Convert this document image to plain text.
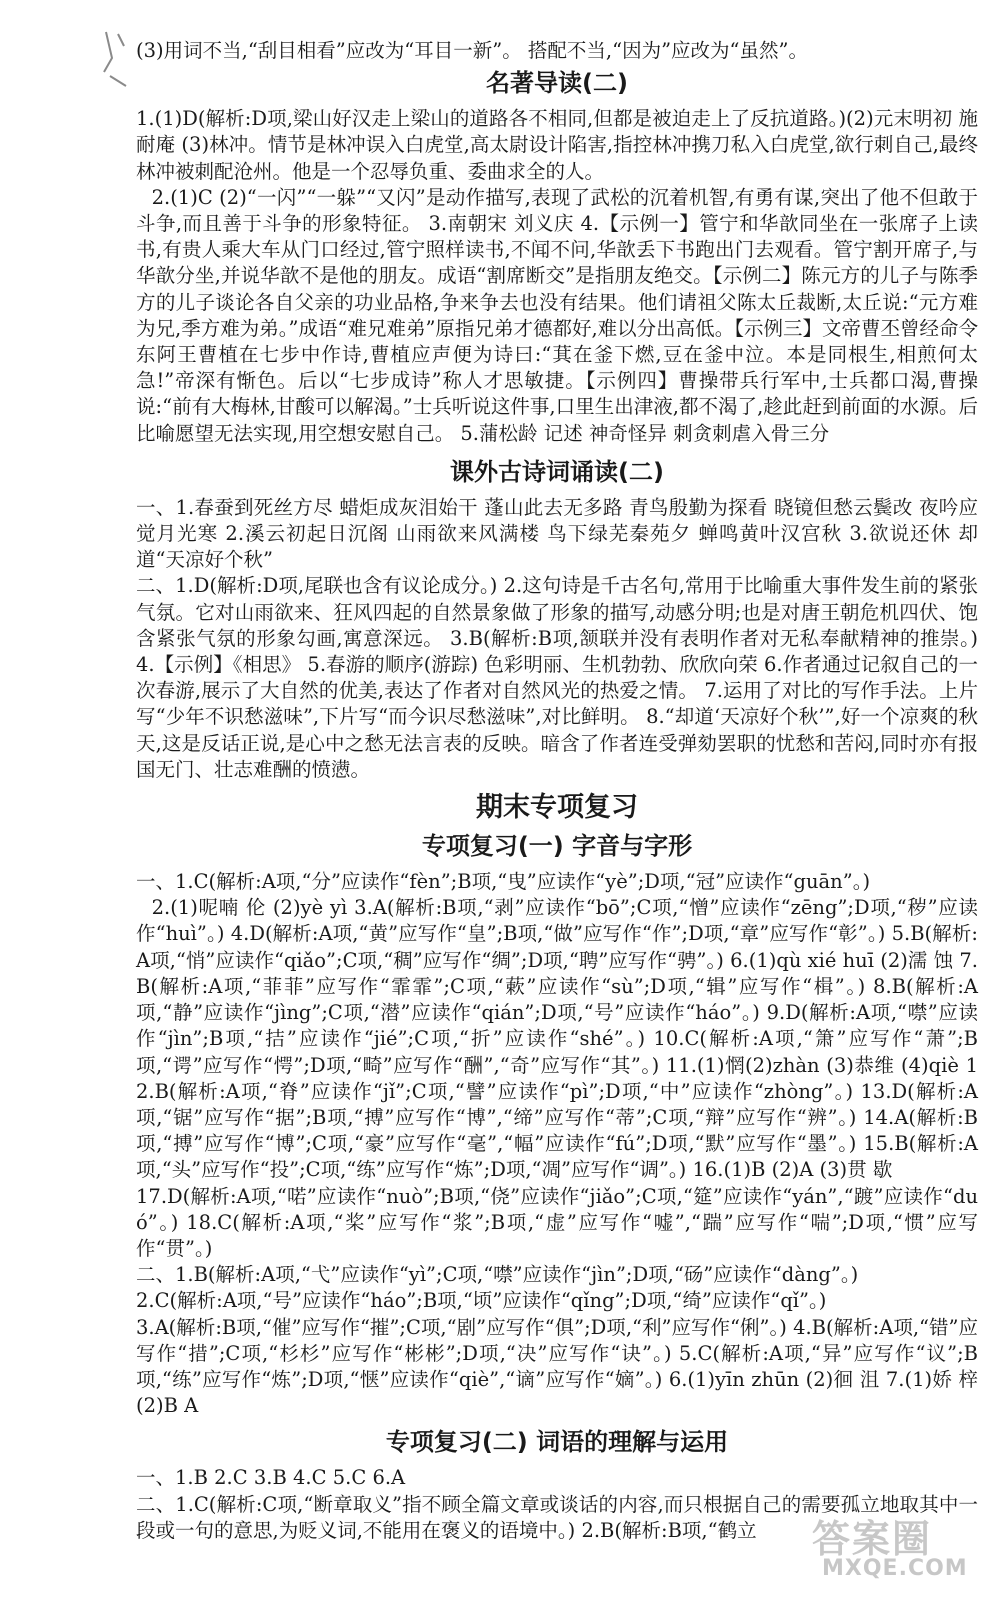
(3)用词不当,“刮目相看”应改为“耳目一新”。 搭配不当,“因为”应改为“虽然”。

名著导读(二)

1.(1)D(解析:D项,梁山好汉走上梁山的道路各不相同,但都是被迫走上了反抗道路。)(2)元末明初 施耐庵 (3)林冲。情节是林冲误入白虎堂,高太尉设计陷害,指控林冲携刀私入白虎堂,欲行刺自己,最终林冲被刺配沧州。他是一个忍辱负重、委曲求全的人。

2.(1)C (2)“一闪”“一躲”“又闪”是动作描写,表现了武松的沉着机智,有勇有谋,突出了他不但敢于斗争,而且善于斗争的形象特征。 3.南朝宋 刘义庆 4.【示例一】管宁和华歆同坐在一张席子上读书,有贵人乘大车从门口经过,管宁照样读书,不闻不问,华歆丢下书跑出门去观看。管宁割开席子,与华歆分坐,并说华歆不是他的朋友。成语“割席断交”是指朋友绝交。【示例二】陈元方的儿子与陈季方的儿子谈论各自父亲的功业品格,争来争去也没有结果。他们请祖父陈太丘裁断,太丘说:“元方难为兄,季方难为弟。”成语“难兄难弟”原指兄弟才德都好,难以分出高低。【示例三】文帝曹丕曾经命令东阿王曹植在七步中作诗,曹植应声便为诗曰:“萁在釜下燃,豆在釜中泣。本是同根生,相煎何太急!”帝深有惭色。后以“七步成诗”称人才思敏捷。【示例四】曹操带兵行军中,士兵都口渴,曹操说:“前有大梅林,甘酸可以解渴。”士兵听说这件事,口里生出津液,都不渴了,趁此赶到前面的水源。后比喻愿望无法实现,用空想安慰自己。 5.蒲松龄 记述 神奇怪异 刺贪刺虐入骨三分

课外古诗词诵读(二)

一、1.春蚕到死丝方尽 蜡炬成灰泪始干 蓬山此去无多路 青鸟殷勤为探看 晓镜但愁云鬓改 夜吟应觉月光寒 2.溪云初起日沉阁 山雨欲来风满楼 鸟下绿芜秦苑夕 蝉鸣黄叶汉宫秋 3.欲说还休 却道“天凉好个秋”

二、1.D(解析:D项,尾联也含有议论成分。) 2.这句诗是千古名句,常用于比喻重大事件发生前的紧张气氛。它对山雨欲来、狂风四起的自然景象做了形象的描写,动感分明;也是对唐王朝危机四伏、饱含紧张气氛的形象勾画,寓意深远。 3.B(解析:B项,颔联并没有表明作者对无私奉献精神的推崇。) 4.【示例】《相思》 5.春游的顺序(游踪) 色彩明丽、生机勃勃、欣欣向荣 6.作者通过记叙自己的一次春游,展示了大自然的优美,表达了作者对自然风光的热爱之情。 7.运用了对比的写作手法。上片写“少年不识愁滋味”,下片写“而今识尽愁滋味”,对比鲜明。 8.“却道‘天凉好个秋’”,好一个凉爽的秋天,这是反话正说,是心中之愁无法言表的反映。暗含了作者连受弹劾罢职的忧愁和苦闷,同时亦有报国无门、壮志难酬的愤懑。

期末专项复习
专项复习(一) 字音与字形

一、1.C(解析:A项,“分”应读作“fèn”;B项,“曳”应读作“yè”;D项,“冠”应读作“guān”。)

2.(1)呢喃 伦 (2)yè yì 3.A(解析:B项,“剥”应读作“bō”;C项,“憎”应读作“zēng”;D项,“秽”应读作“huì”。) 4.D(解析:A项,“黄”应写作“皇”;B项,“做”应写作“作”;D项,“章”应写作“彰”。) 5.B(解析:A项,“悄”应读作“qiǎo”;C项,“稠”应写作“绸”;D项,“聘”应写作“骋”。) 6.(1)qù xié huī (2)濡 蚀 7.B(解析:A项,“菲菲”应写作“霏霏”;C项,“蔌”应读作“sù”;D项,“辑”应写作“楫”。) 8.B(解析:A项,“静”应读作“jìng”;C项,“潜”应读作“qián”;D项,“号”应读作“háo”。) 9.D(解析:A项,“噤”应读作“jìn”;B项,“拮”应读作“jié”;C项,“折”应读作“shé”。) 10.C(解析:A项,“箫”应写作“萧”;B项,“谔”应写作“愕”;D项,“畸”应写作“酬”,“奇”应写作“其”。) 11.(1)惘(2)zhàn (3)恭维 (4)qiè 12.B(解析:A项,“脊”应读作“jǐ”;C项,“譬”应读作“pì”;D项,“中”应读作“zhòng”。) 13.D(解析:A项,“锯”应写作“据”;B项,“搏”应写作“博”,“缔”应写作“蒂”;C项,“辩”应写作“辨”。) 14.A(解析:B项,“搏”应写作“博”;C项,“豪”应写作“毫”,“幅”应读作“fú”;D项,“默”应写作“墨”。) 15.B(解析:A项,“头”应写作“投”;C项,“练”应写作“炼”;D项,“凋”应写作“调”。) 16.(1)B (2)A (3)贯 歇

17.D(解析:A项,“喏”应读作“nuò”;B项,“侥”应读作“jiǎo”;C项,“筵”应读作“yán”,“踱”应读作“duó”。) 18.C(解析:A项,“桨”应写作“浆”;B项,“虚”应写作“嘘”,“踹”应写作“喘”;D项,“惯”应写作“贯”。)

二、1.B(解析:A项,“弋”应读作“yì”;C项,“噤”应读作“jìn”;D项,“砀”应读作“dàng”。)

2.C(解析:A项,“号”应读作“háo”;B项,“顷”应读作“qǐng”;D项,“绮”应读作“qǐ”。)

3.A(解析:B项,“催”应写作“摧”;C项,“剧”应写作“俱”;D项,“利”应写作“俐”。) 4.B(解析:A项,“错”应写作“措”;C项,“杉杉”应写作“彬彬”;D项,“决”应写作“诀”。) 5.C(解析:A项,“异”应写作“议”;B项,“练”应写作“炼”;D项,“惬”应读作“qiè”,“谪”应写作“嫡”。) 6.(1)yīn zhūn (2)徊 沮 7.(1)娇 梓 (2)B A

专项复习(二) 词语的理解与运用

一、1.B 2.C 3.B 4.C 5.C 6.A

二、1.C(解析:C项,“断章取义”指不顾全篇文章或谈话的内容,而只根据自己的需要孤立地取其中一段或一句的意思,为贬义词,不能用在褒义的语境中。) 2.B(解析:B项,“鹤立	答案圈
MXQE.COM
